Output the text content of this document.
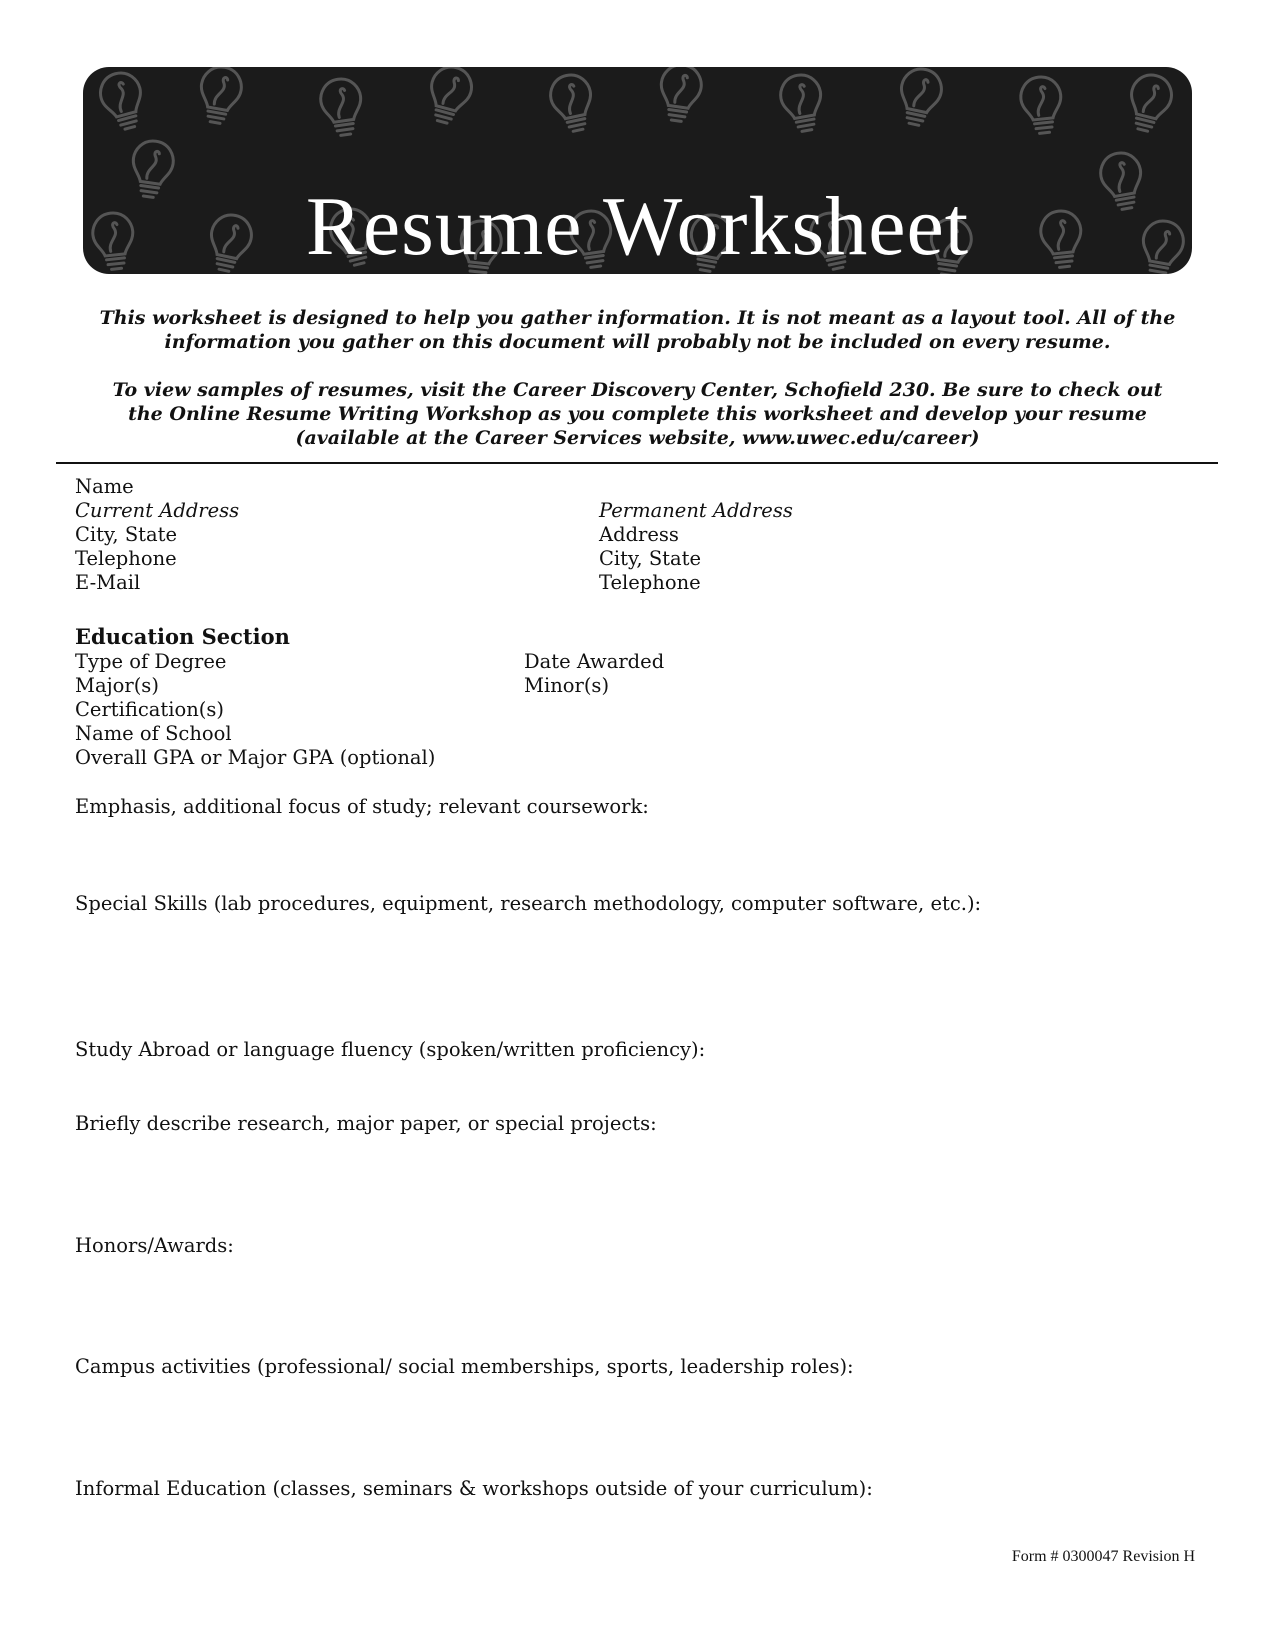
Resume Worksheet

This worksheet is designed to help you gather information. It is not meant as a layout tool. All of the

information you gather on this document will probably not be included on every resume.

To view samples of resumes, visit the Career Discovery Center, Schofield 230. Be sure to check out

the Online Resume Writing Workshop as you complete this worksheet and develop your resume

(available at the Career Services website, www.uwec.edu/career)

Name

Current Address

City, State

Telephone

E-Mail

Permanent Address

Address

City, State

Telephone

Education Section

Type of Degree	Date Awarded

Major(s)	Minor(s)

Certification(s)

Name of School

Overall GPA or Major GPA (optional)

Emphasis, additional focus of study; relevant coursework:

Special Skills (lab procedures, equipment, research methodology, computer software, etc.):

Study Abroad or language fluency (spoken/written proficiency):

Briefly describe research, major paper, or special projects:

Honors/Awards:

Campus activities (professional/ social memberships, sports, leadership roles):

Informal Education (classes, seminars & workshops outside of your curriculum):

Form # 0300047 Revision H
